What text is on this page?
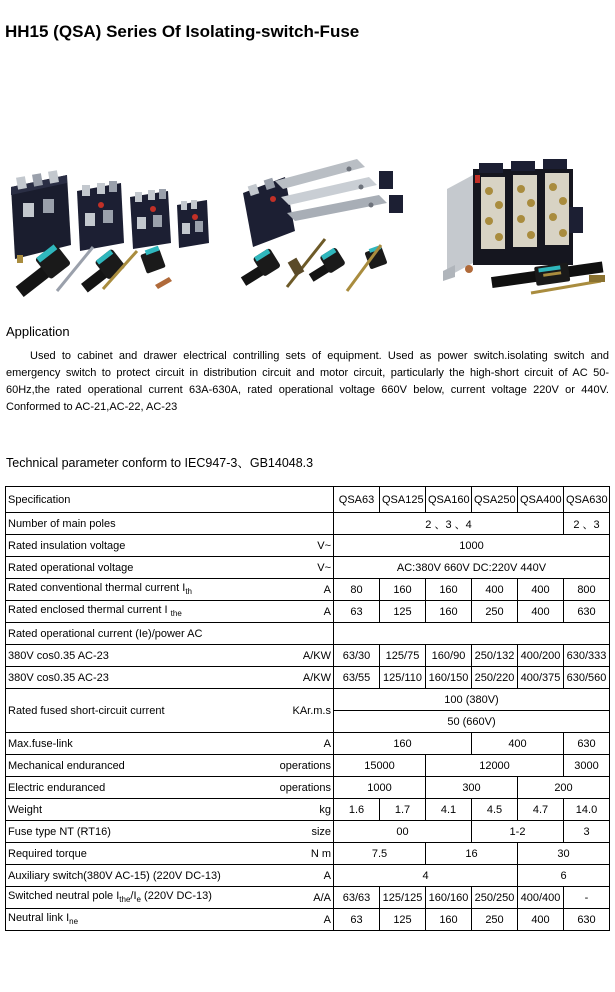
HH15 (QSA) Series Of Isolating-switch-Fuse
Application
Used to cabinet and drawer electrical contrilling sets of equipment. Used as power switch.isolating switch and emergency switch to protect circuit in distribution circuit and motor circuit, particularly the high-short circuit of AC 50-60Hz,the rated operational current 63A-630A, rated operational voltage 660V below, current voltage 220V or 440V. Conformed to AC-21,AC-22, AC-23
Technical parameter conform to IEC947-3、GB14048.3
Specification	QSA63	QSA125	QSA160	QSA250	QSA400	QSA630

Number of main poles	2 、3 、4					2 、3

Rated insulation voltage V~	1000					

Rated operational voltage V~	AC:380V 660V DC:220V 440V					

Rated conventional thermal current $I_{th}$ A	80	160	160	400	400	800

Rated enclosed thermal current I $_{the}$ A	63	125	160	250	400	630

Rated operational current (Ie)/power AC						

380V cos0.35 AC-23 A/KW	63/30	125/75	160/90	250/132	400/200	630/333

380V cos0.35 AC-23 A/KW	63/55	125/110	160/150	250/220	400/375	630/560

Rated fused short-circuit current KAr.m.s	100 (380V)					
	50 (660V)					

Max.fuse-link A	160			400		630

Mechanical enduranced operations	15000		12000			3000

Electric enduranced operations	1000		300		200	

Weight kg	1.6	1.7	4.1	4.5	4.7	14.0

Fuse type NT (RT16) size	00			1-2		3

Required torque N m	7.5		16		30	

Auxiliary switch(380V AC-15) (220V DC-13) A	4				6	

Switched neutral pole $I_{the}/I_e$ (220V DC-13) A/A	63/63	125/125	160/160	250/250	400/400	-

Neutral link $I_{ne}$ A	63	125	160	250	400	630
